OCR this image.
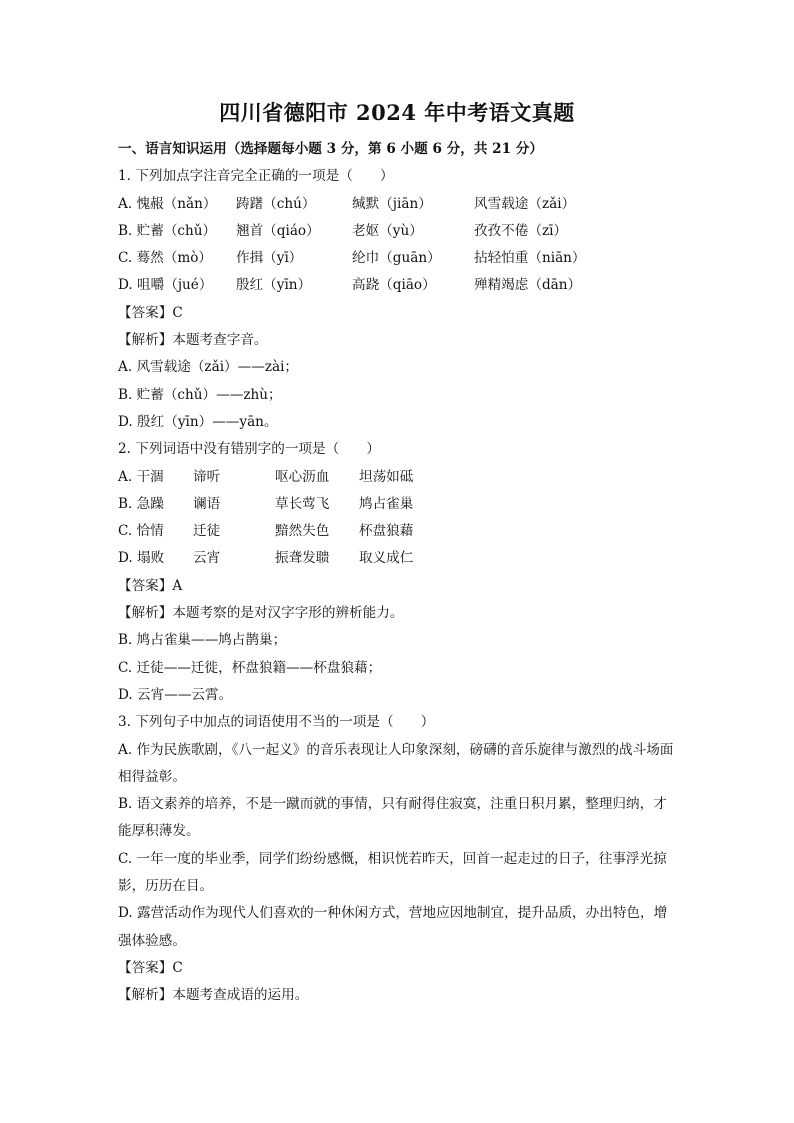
四川省德阳市 2024 年中考语文真题
一、语言知识运用（选择题每小题 3 分，第 6 小题 6 分，共 21 分）
1. 下列加点字注音完全正确的一项是（　　）
A. 愧赧（nǎn）	踌躇（chú）	缄默（jiān）	风雪载途（zǎi）
B. 贮蓄（chǔ）	翘首（qiáo）	老妪（yù）	孜孜不倦（zī）
C. 蓦然（mò）	作揖（yī）	纶巾（guān）	拈轻怕重（niān）
D. 咀嚼（jué）	殷红（yīn）	高跷（qiāo）	殚精竭虑（dān）
【答案】C
【解析】本题考查字音。
A. 风雪载途（zǎi）——zài；
B. 贮蓄（chǔ）——zhù；
D. 殷红（yīn）——yān。
2. 下列词语中没有错别字的一项是（　　）
A. 干涸	谛听	呕心沥血	坦荡如砥
B. 急躁	谰语	草长莺飞	鸠占雀巢
C. 恰情	迁徒	黯然失色	杯盘狼藉
D. 塌败	云宵	振聋发聩	取义成仁
【答案】A
【解析】本题考察的是对汉字字形的辨析能力。
B. 鸠占雀巢——鸠占鹊巢；
C. 迁徒——迁徙，杯盘狼籍——杯盘狼藉；
D. 云宵——云霄。
3. 下列句子中加点的词语使用不当的一项是（　　）
A. 作为民族歌剧，《八一起义》的音乐表现让人印象深刻，磅礴的音乐旋律与激烈的战斗场面相得益彰。
B. 语文素养的培养，不是一蹴而就的事情，只有耐得住寂寞，注重日积月累，整理归纳，才能厚积薄发。
C. 一年一度的毕业季，同学们纷纷感慨，相识恍若昨天，回首一起走过的日子，往事浮光掠影，历历在目。
D. 露营活动作为现代人们喜欢的一种休闲方式，营地应因地制宜，提升品质，办出特色，增强体验感。
【答案】C
【解析】本题考查成语的运用。
